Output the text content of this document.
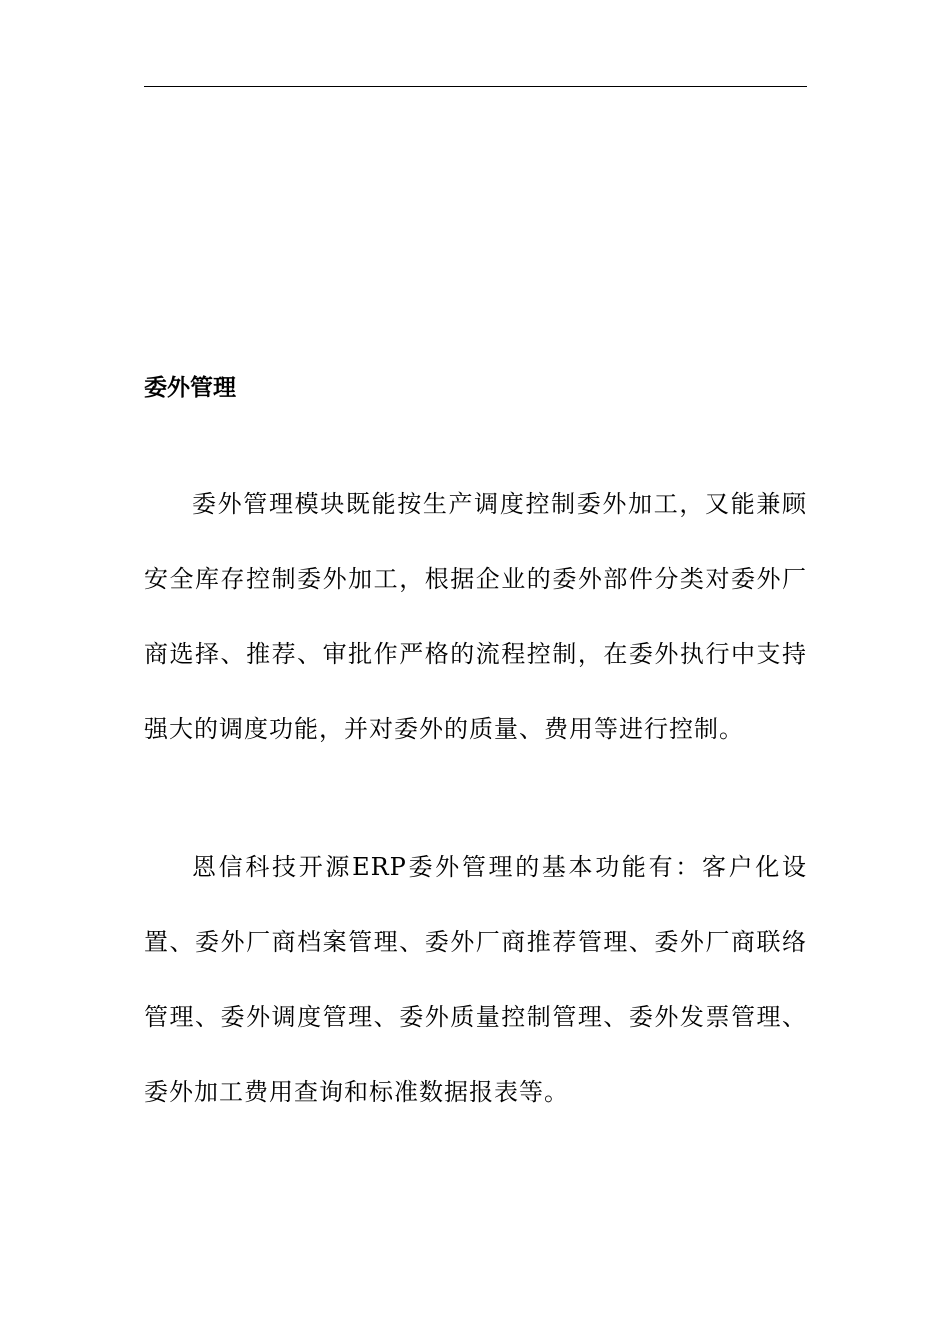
委外管理

委外管理模块既能按生产调度控制委外加工，又能兼顾安全库存控制委外加工，根据企业的委外部件分类对委外厂商选择、推荐、审批作严格的流程控制，在委外执行中支持强大的调度功能，并对委外的质量、费用等进行控制。

恩信科技开源ERP委外管理的基本功能有：客户化设置、委外厂商档案管理、委外厂商推荐管理、委外厂商联络管理、委外调度管理、委外质量控制管理、委外发票管理、委外加工费用查询和标准数据报表等。
